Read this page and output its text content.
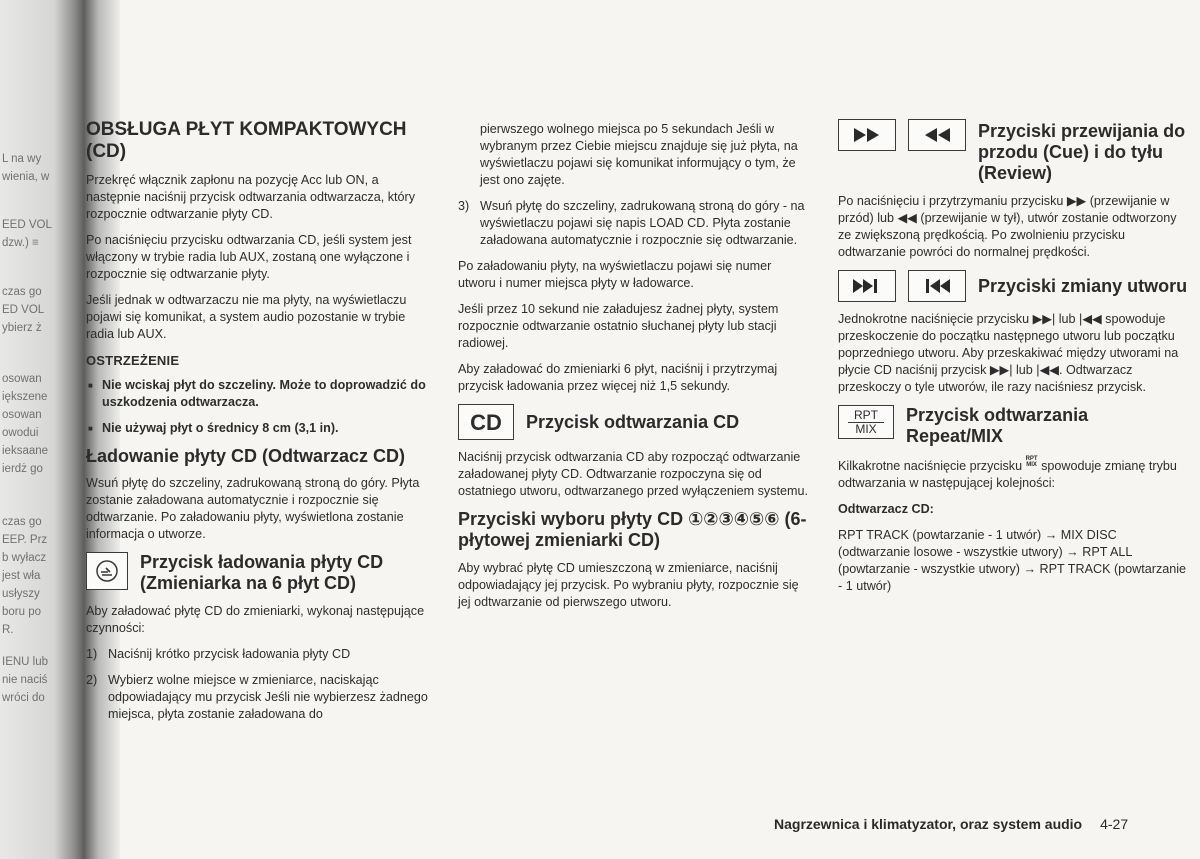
L na wy
wienia, w
EED VOL
dzw.) ≡
czas go
ED VOL
ybierz ż
osowan
iększene
osowan
owodui
ieksaane
ierdż go
czas go
EEP. Prz
b wyłacz
jest wła
usłyszy
boru po
R.
IENU lub
nie naciś
wróci do
OBSŁUGA PŁYT KOMPAKTOWYCH (CD)

Przekręć włącznik zapłonu na pozycję Acc lub ON, a następnie naciśnij przycisk odtwarzania odtwarzacza, który rozpocznie odtwarzanie płyty CD.

Po naciśnięciu przycisku odtwarzania CD, jeśli system jest włączony w trybie radia lub AUX, zostaną one wyłączone i rozpocznie się odtwarzanie płyty.

Jeśli jednak w odtwarzaczu nie ma płyty, na wyświetlaczu pojawi się komunikat, a system audio pozostanie w trybie radia lub AUX.

OSTRZEŻENIE
■ Nie wciskaj płyt do szczeliny. Może to doprowadzić do uszkodzenia odtwarzacza.
■ Nie używaj płyt o średnicy 8 cm (3,1 in).
Ładowanie płyty CD (Odtwarzacz CD)

Wsuń płytę do szczeliny, zadrukowaną stroną do góry. Płyta zostanie załadowana automatycznie i rozpocznie się odtwarzanie. Po załadowaniu płyty, wyświetlona zostanie informacja o utworze.

Przycisk ładowania płyty CD (Zmieniarka na 6 płyt CD)

Aby załadować płytę CD do zmieniarki, wykonaj następujące czynności:

1) Naciśnij krótko przycisk ładowania płyty CD
2) Wybierz wolne miejsce w zmieniarce, naciskając odpowiadający mu przycisk Jeśli nie wybierzesz żadnego miejsca, płyta zostanie załadowana do
pierwszego wolnego miejsca po 5 sekundach Jeśli w wybranym przez Ciebie miejscu znajduje się już płyta, na wyświetlaczu pojawi się komunikat informujący o tym, że jest ono zajęte.
3) Wsuń płytę do szczeliny, zadrukowaną stroną do góry - na wyświetlaczu pojawi się napis LOAD CD. Płyta zostanie załadowana automatycznie i rozpocznie się odtwarzanie.

Po załadowaniu płyty, na wyświetlaczu pojawi się numer utworu i numer miejsca płyty w ładowarce.

Jeśli przez 10 sekund nie załadujesz żadnej płyty, system rozpocznie odtwarzanie ostatnio słuchanej płyty lub stacji radiowej.

Aby załadować do zmieniarki 6 płyt, naciśnij i przytrzymaj przycisk ładowania przez więcej niż 1,5 sekundy.

CD	Przycisk odtwarzania CD

Naciśnij przycisk odtwarzania CD aby rozpocząć odtwarzanie załadowanej płyty CD. Odtwarzanie rozpoczyna się od ostatniego utworu, odtwarzanego przed wyłączeniem systemu.

Przyciski wyboru płyty CD ①②③④⑤⑥ (6-płytowej zmieniarki CD)

Aby wybrać płytę CD umieszczoną w zmieniarce, naciśnij odpowiadający jej przycisk. Po wybraniu płyty, rozpocznie się jej odtwarzanie od pierwszego utworu.

Przyciski przewijania do przodu (Cue) i do tyłu (Review)

Po naciśnięciu i przytrzymaniu przycisku ▶▶ (przewijanie w przód) lub ◀◀ (przewijanie w tył), utwór zostanie odtworzony ze zwiększoną prędkością. Po zwolnieniu przycisku odtwarzanie powróci do normalnej prędkości.

Przyciski zmiany utworu

Jednokrotne naciśnięcie przycisku ▶▶| lub |◀◀ spowoduje przeskoczenie do początku następnego utworu lub początku poprzedniego utworu. Aby przeskakiwać między utworami na płycie CD naciśnij przycisk ▶▶| lub |◀◀. Odtwarzacz przeskoczy o tyle utworów, ile razy naciśniesz przycisk.

RPT
MIX
Przycisk odtwarzania Repeat/MIX

Kilkakrotne naciśnięcie przycisku RPT
MIX spowoduje zmianę trybu odtwarzania w następującej kolejności:

Odtwarzacz CD:

RPT TRACK (powtarzanie - 1 utwór) → MIX DISC (odtwarzanie losowe - wszystkie utwory) → RPT ALL (powtarzanie - wszystkie utwory) → RPT TRACK (powtarzanie - 1 utwór)

Nagrzewnica i klimatyzator, oraz system audio 4-27
